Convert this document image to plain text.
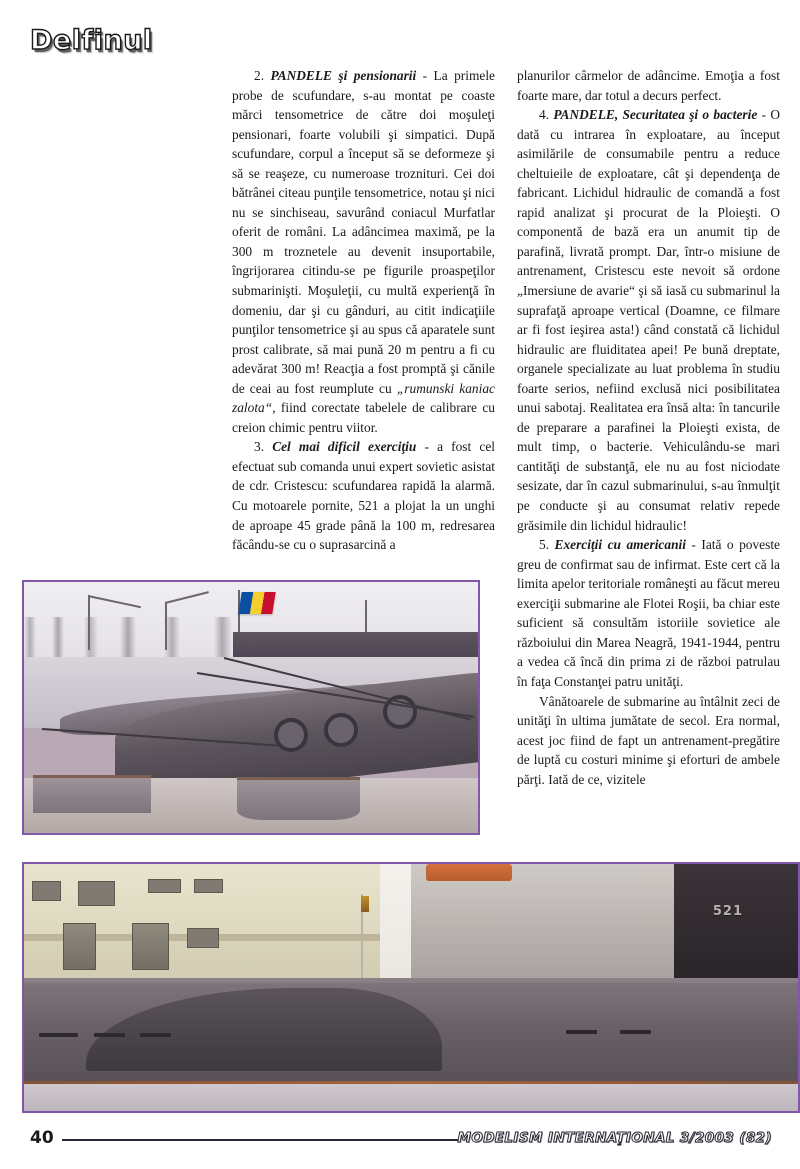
Delfinul

2. PANDELE şi pensionarii - La primele probe de scufundare, s-au montat pe coaste mărci tensometrice de către doi moşuleţi pensionari, foarte volubili şi simpatici. După scufundare, corpul a început să se deformeze şi să se reaşeze, cu numeroase troznituri. Cei doi bătrânei citeau punţile tensometrice, notau şi nici nu se sinchiseau, savurând coniacul Murfatlar oferit de români. La adâncimea maximă, pe la 300 m troznetele au devenit insuportabile, îngrijorarea citindu-se pe figurile proaspeţilor submarinişti. Moşuleţii, cu multă experienţă în domeniu, dar şi cu gânduri, au citit indicaţiile punţilor tensometrice şi au spus că aparatele sunt prost calibrate, să mai pună 20 m pentru a fi cu adevărat 300 m! Reacţia a fost promptă şi cănile de ceai au fost reumplute cu „rumunski kaniac zalota“, fiind corectate tabelele de calibrare cu creion chimic pentru viitor.

3. Cel mai dificil exerciţiu - a fost cel efectuat sub comanda unui expert sovietic asistat de cdr. Cristescu: scufundarea rapidă la alarmă. Cu motoarele pornite, 521 a plojat la un unghi de aproape 45 grade până la 100 m, redresarea făcându-se cu o suprasarcină a

planurilor cârmelor de adâncime. Emoţia a fost foarte mare, dar totul a decurs perfect.

4. PANDELE, Securitatea şi o bacterie - O dată cu intrarea în exploatare, au început asimilările de consumabile pentru a reduce cheltuieile de exploatare, cât şi dependenţa de fabricant. Lichidul hidraulic de comandă a fost rapid analizat şi procurat de la Ploieşti. O componentă de bază era un anumit tip de parafină, livrată prompt. Dar, într-o misiune de antrenament, Cristescu este nevoit să ordone „Imersiune de avarie“ şi să iasă cu submarinul la suprafaţă aproape vertical (Doamne, ce filmare ar fi fost ieşirea asta!) când constată că lichidul hidraulic are fluiditatea apei! Pe bună dreptate, organele specializate au luat problema în studiu foarte serios, nefiind exclusă nici posibilitatea unui sabotaj. Realitatea era însă alta: în tancurile de preparare a parafinei la Ploieşti exista, de mult timp, o bacterie. Vehiculându-se mari cantităţi de substanţă, ele nu au fost niciodate sesizate, dar în cazul submarinului, s-au înmulţit pe conducte şi au consumat relativ repede grăsimile din lichidul hidraulic!

5. Exerciţii cu americanii - Iată o poveste greu de confirmat sau de infirmat. Este cert că la limita apelor teritoriale româneşti au făcut mereu exerciţii submarine ale Flotei Roşii, ba chiar este suficient să consultăm istoriile sovietice ale războiului din Marea Neagră, 1941-1944, pentru a vedea că încă din prima zi de război patrulau în faţa Constanţei patru unităţi.

Vânătoarele de submarine au întâlnit zeci de unităţi în ultima jumătate de secol. Era normal, acest joc fiind de fapt un antrenament-pregătire de luptă cu costuri minime şi eforturi de ambele părţi. Iată de ce, vizitele

521
40	MODELISM INTERNAŢIONAL 3/2003 (82)
